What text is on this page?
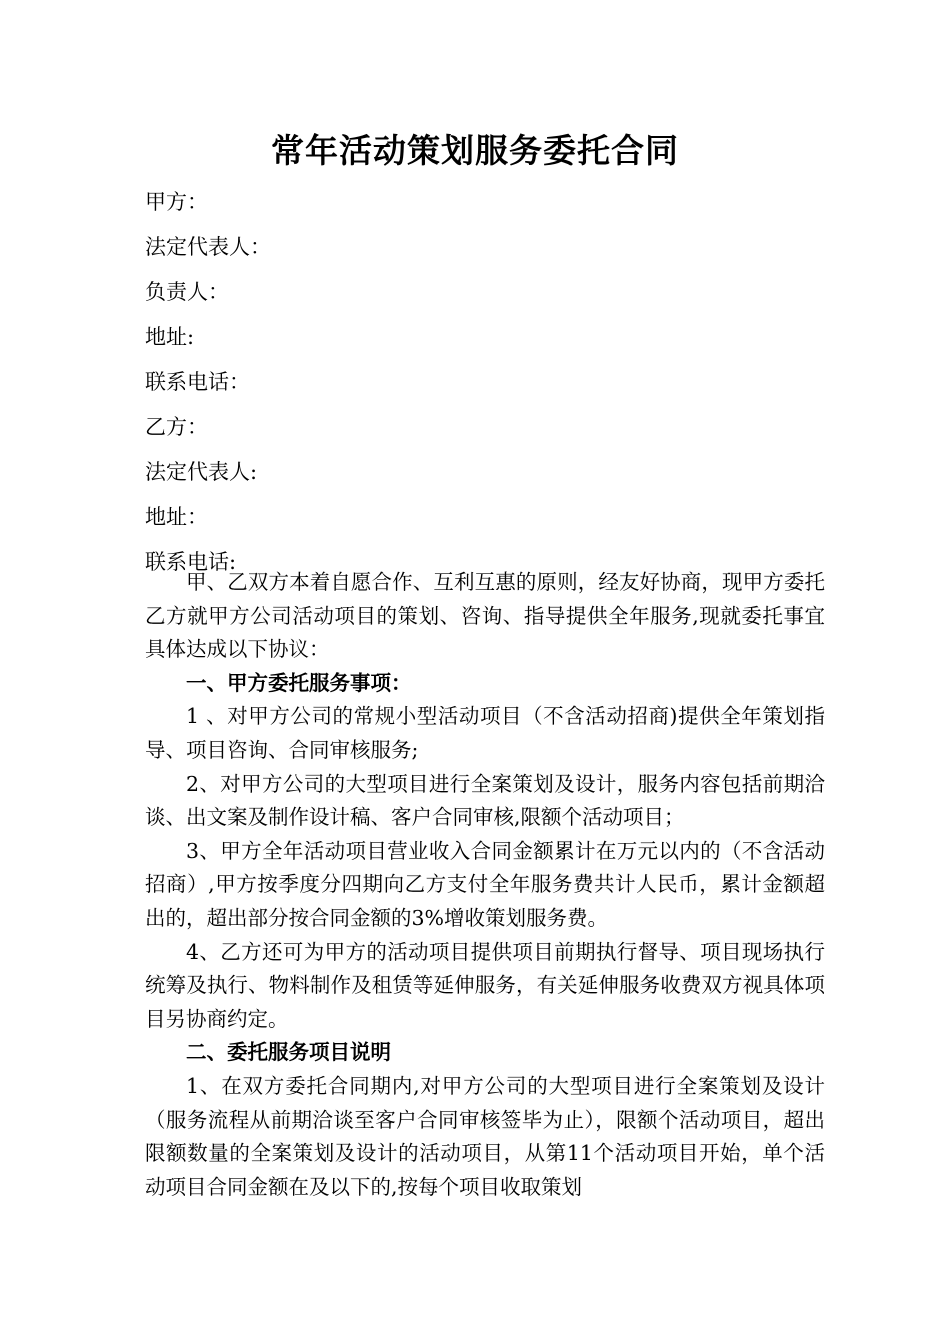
常年活动策划服务委托合同
甲方：
法定代表人：
负责人：
地址:
联系电话：
乙方：
法定代表人:
地址：
联系电话:

甲、乙双方本着自愿合作、互利互惠的原则，经友好协商，现甲方委托乙方就甲方公司活动项目的策划、咨询、指导提供全年服务,现就委托事宜具体达成以下协议：

一、甲方委托服务事项：

1 、对甲方公司的常规小型活动项目（不含活动招商)提供全年策划指导、项目咨询、合同审核服务;

2、对甲方公司的大型项目进行全案策划及设计，服务内容包括前期洽谈、出文案及制作设计稿、客户合同审核,限额个活动项目；

3、甲方全年活动项目营业收入合同金额累计在万元以内的（不含活动招商）,甲方按季度分四期向乙方支付全年服务费共计人民币，累计金额超出的，超出部分按合同金额的3%增收策划服务费。

4、乙方还可为甲方的活动项目提供项目前期执行督导、项目现场执行统筹及执行、物料制作及租赁等延伸服务，有关延伸服务收费双方视具体项目另协商约定。

二、委托服务项目说明

1、在双方委托合同期内,对甲方公司的大型项目进行全案策划及设计（服务流程从前期洽谈至客户合同审核签毕为止），限额个活动项目，超出限额数量的全案策划及设计的活动项目，从第11个活动项目开始，单个活动项目合同金额在及以下的,按每个项目收取策划
